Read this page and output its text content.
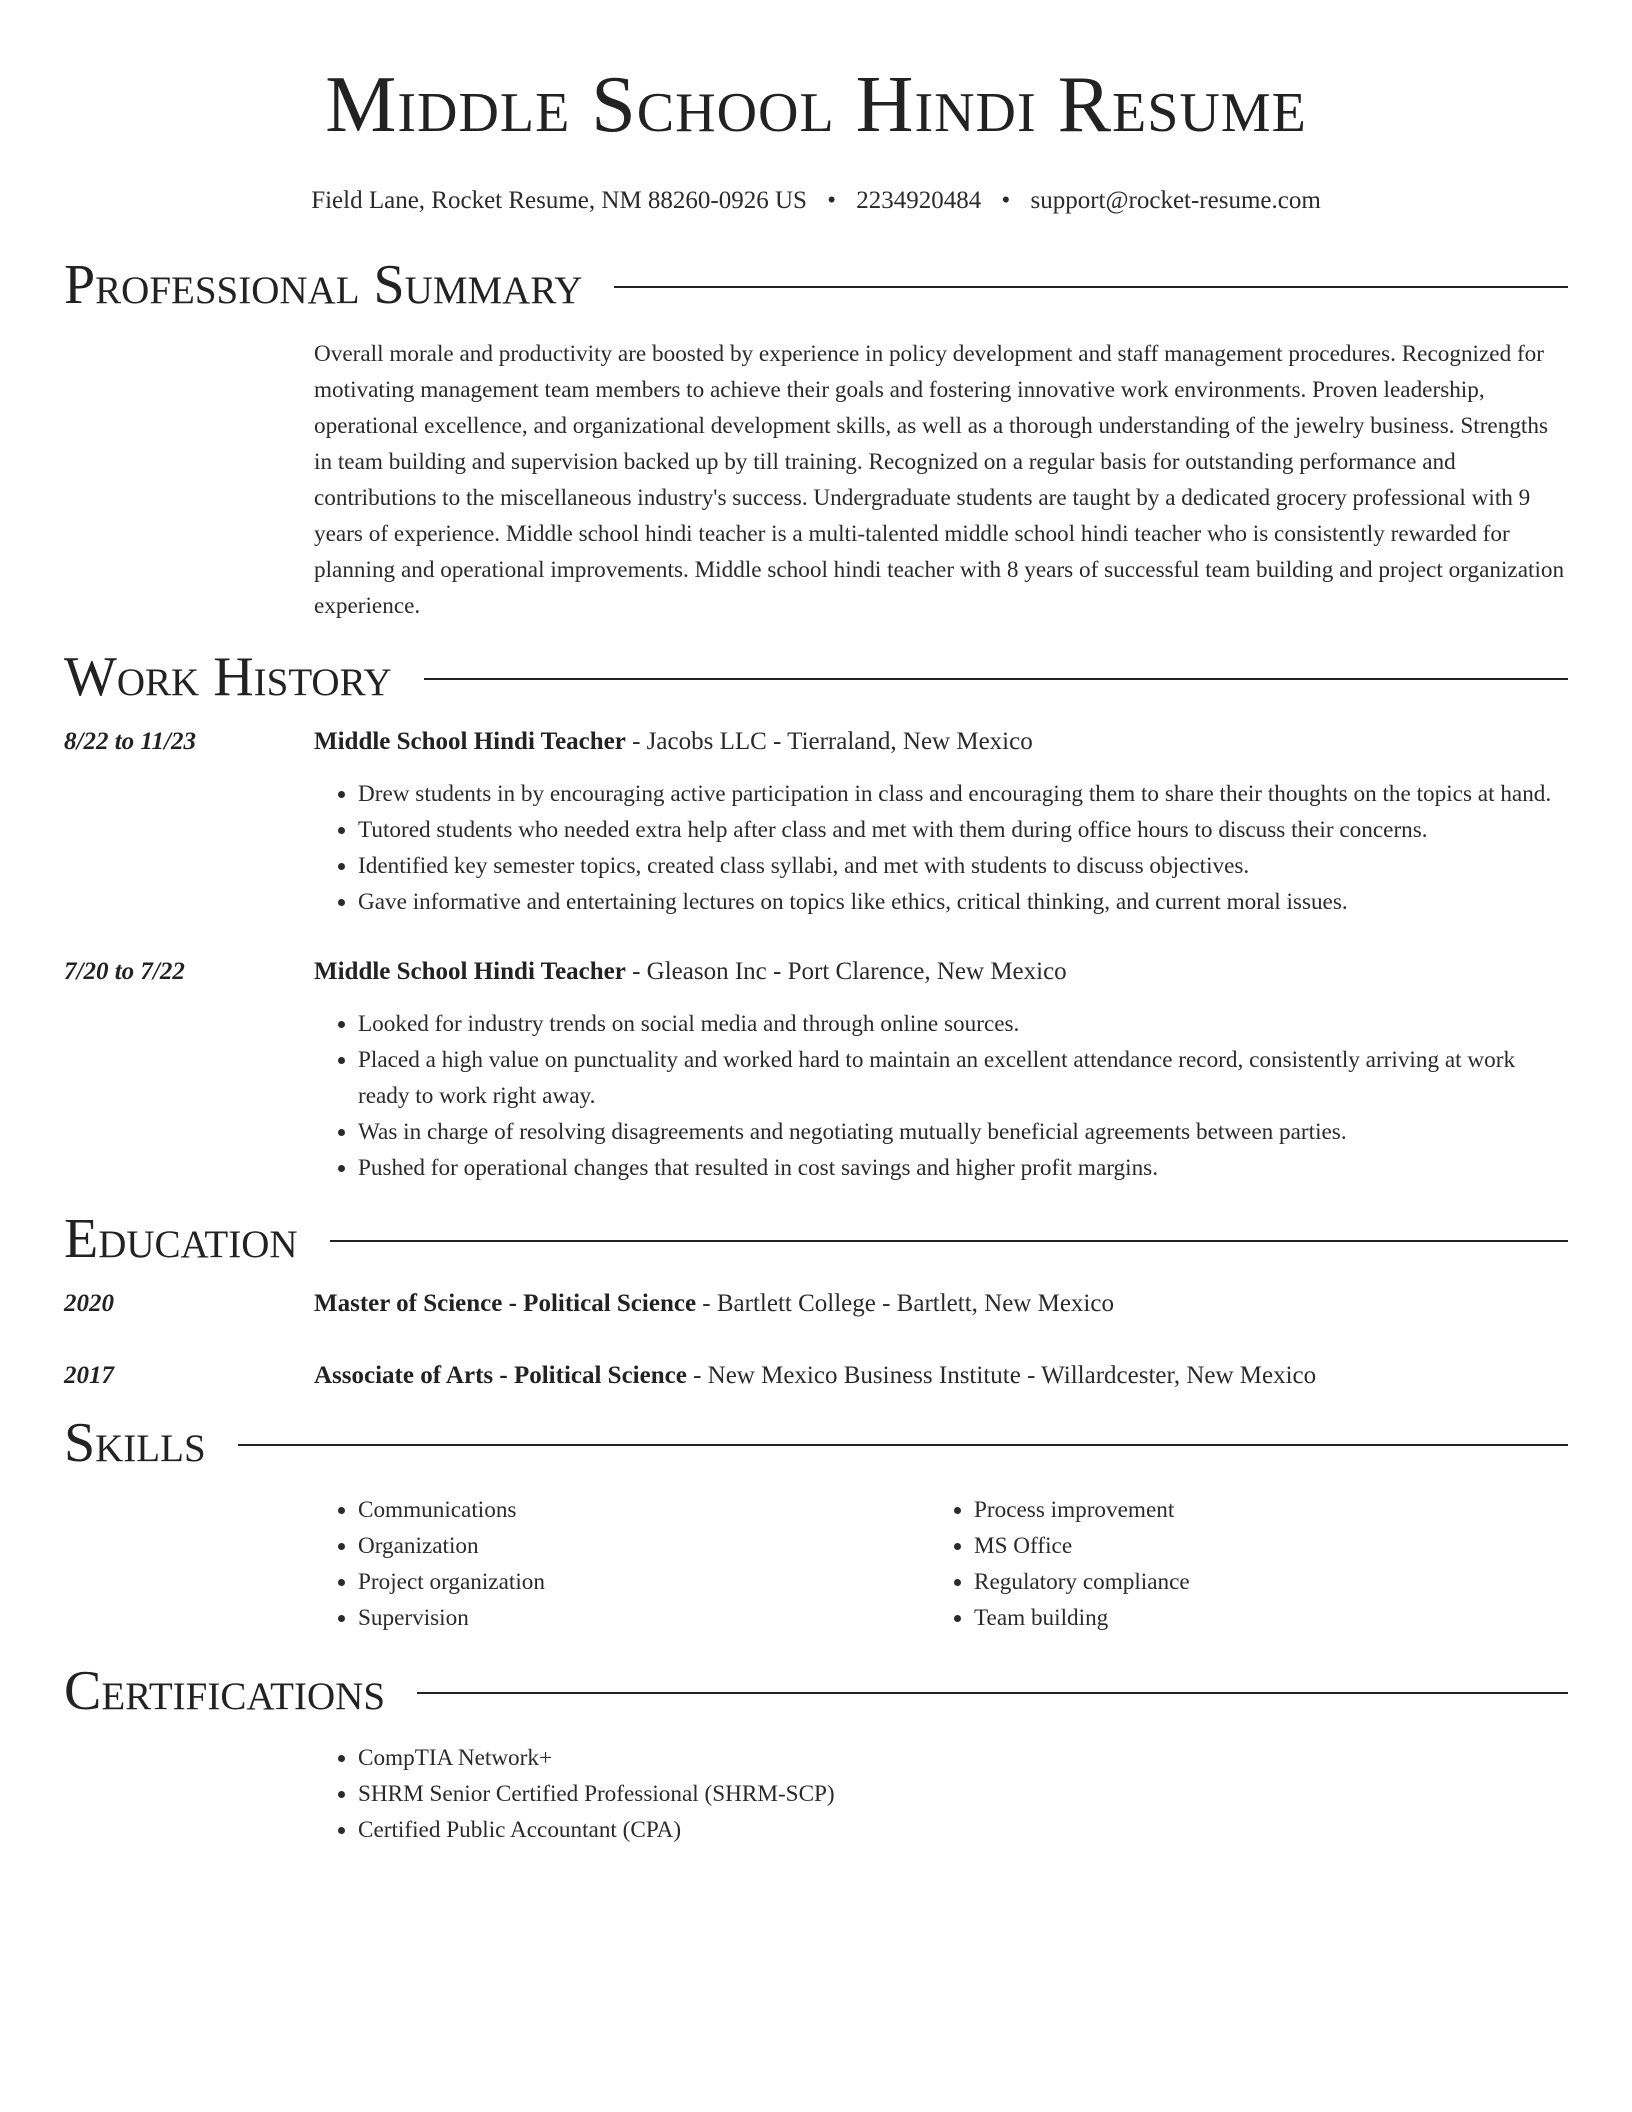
Middle School Hindi Resume
Field Lane, Rocket Resume, NM 88260-0926 US • 2234920484 • support@rocket-resume.com
Professional Summary
Overall morale and productivity are boosted by experience in policy development and staff management procedures. Recognized for motivating management team members to achieve their goals and fostering innovative work environments. Proven leadership, operational excellence, and organizational development skills, as well as a thorough understanding of the jewelry business. Strengths in team building and supervision backed up by till training. Recognized on a regular basis for outstanding performance and contributions to the miscellaneous industry's success. Undergraduate students are taught by a dedicated grocery professional with 9 years of experience. Middle school hindi teacher is a multi-talented middle school hindi teacher who is consistently rewarded for planning and operational improvements. Middle school hindi teacher with 8 years of successful team building and project organization experience.
Work History
8/22 to 11/23	Middle School Hindi Teacher - Jacobs LLC - Tierraland, New Mexico
• Drew students in by encouraging active participation in class and encouraging them to share their thoughts on the topics at hand.
• Tutored students who needed extra help after class and met with them during office hours to discuss their concerns.
• Identified key semester topics, created class syllabi, and met with students to discuss objectives.
• Gave informative and entertaining lectures on topics like ethics, critical thinking, and current moral issues.
7/20 to 7/22	Middle School Hindi Teacher - Gleason Inc - Port Clarence, New Mexico
• Looked for industry trends on social media and through online sources.
• Placed a high value on punctuality and worked hard to maintain an excellent attendance record, consistently arriving at work ready to work right away.
• Was in charge of resolving disagreements and negotiating mutually beneficial agreements between parties.
• Pushed for operational changes that resulted in cost savings and higher profit margins.
Education
2020	Master of Science - Political Science - Bartlett College - Bartlett, New Mexico
2017	Associate of Arts - Political Science - New Mexico Business Institute - Willardcester, New Mexico
Skills
• Communications
• Organization
• Project organization
• Supervision
• Process improvement
• MS Office
• Regulatory compliance
• Team building
Certifications
• CompTIA Network+
• SHRM Senior Certified Professional (SHRM-SCP)
• Certified Public Accountant (CPA)
